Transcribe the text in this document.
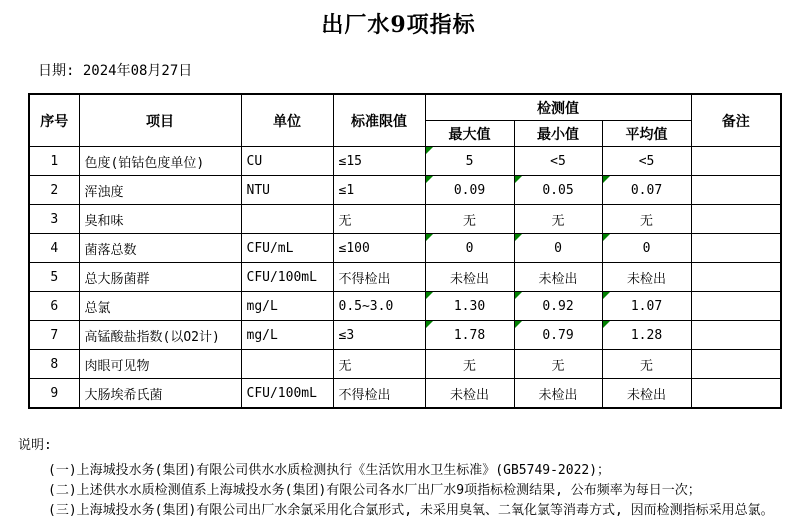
出厂水9项指标
日期: 2024年08月27日
序号	项目	单位	标准限值	检测值			备注
				最大值	最小值	平均值	
1	色度(铂钴色度单位)	CU	≤15	5	<5	<5	
2	浑浊度	NTU	≤1	0.09	0.05	0.07	
3	臭和味		无	无	无	无	
4	菌落总数	CFU/mL	≤100	0	0	0	
5	总大肠菌群	CFU/100mL	不得检出	未检出	未检出	未检出	
6	总氯	mg/L	0.5~3.0	1.30	0.92	1.07	
7	高锰酸盐指数(以O2计)	mg/L	≤3	1.78	0.79	1.28	
8	肉眼可见物		无	无	无	无	
9	大肠埃希氏菌	CFU/100mL	不得检出	未检出	未检出	未检出	
说明:
(一)上海城投水务(集团)有限公司供水水质检测执行《生活饮用水卫生标准》(GB5749-2022)；
(二)上述供水水质检测值系上海城投水务(集团)有限公司各水厂出厂水9项指标检测结果, 公布频率为每日一次；
(三)上海城投水务(集团)有限公司出厂水余氯采用化合氯形式, 未采用臭氧、二氧化氯等消毒方式, 因而检测指标采用总氯。
